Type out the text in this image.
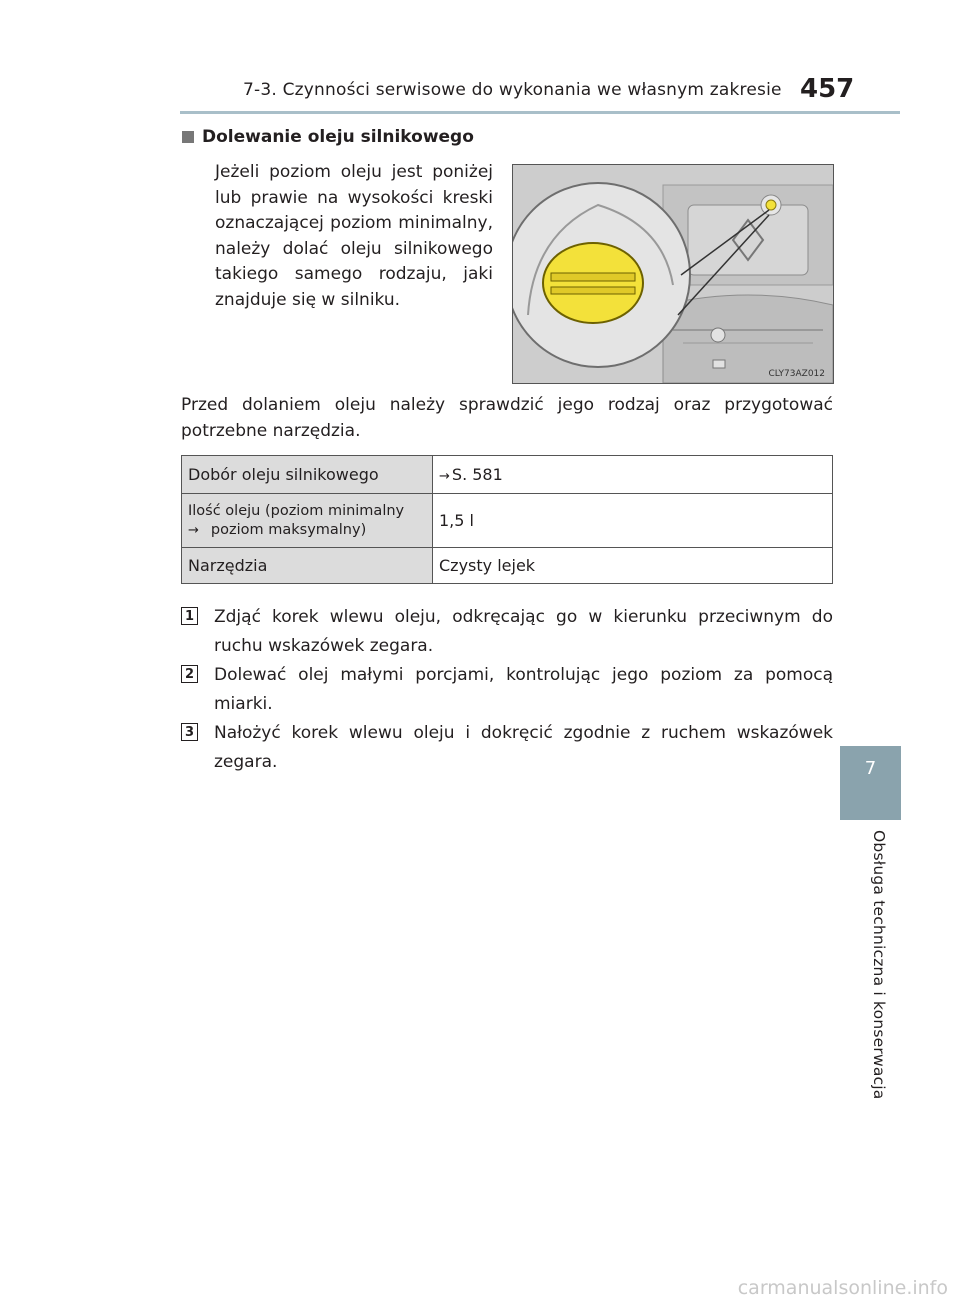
7-3. Czynności serwisowe do wykonania we własnym zakresie 457
Dolewanie oleju silnikowego

Jeżeli poziom oleju jest poniżej lub prawie na wysokości kreski oznaczającej poziom minimalny, należy dolać oleju silnikowego takiego samego rodzaju, jaki znajduje się w silniku.

CLY73AZ012

Przed dolaniem oleju należy sprawdzić jego rodzaj oraz przygotować potrzebne narzędzia.

Dobór oleju silnikowego	→ S. 581

Ilość oleju (poziom minimalny
→ poziom maksymalny)	1,5 l
Narzędzia	Czysty lejek
1 Zdjąć korek wlewu oleju, odkręcając go w kierunku przeciwnym do ruchu wskazówek zegara.

2 Dolewać olej małymi porcjami, kontrolując jego poziom za pomocą miarki.

3 Nałożyć korek wlewu oleju i dokręcić zgodnie z ruchem wskazówek zegara.	7
Obsługa techniczna i konserwacja
carmanualsonline.info
